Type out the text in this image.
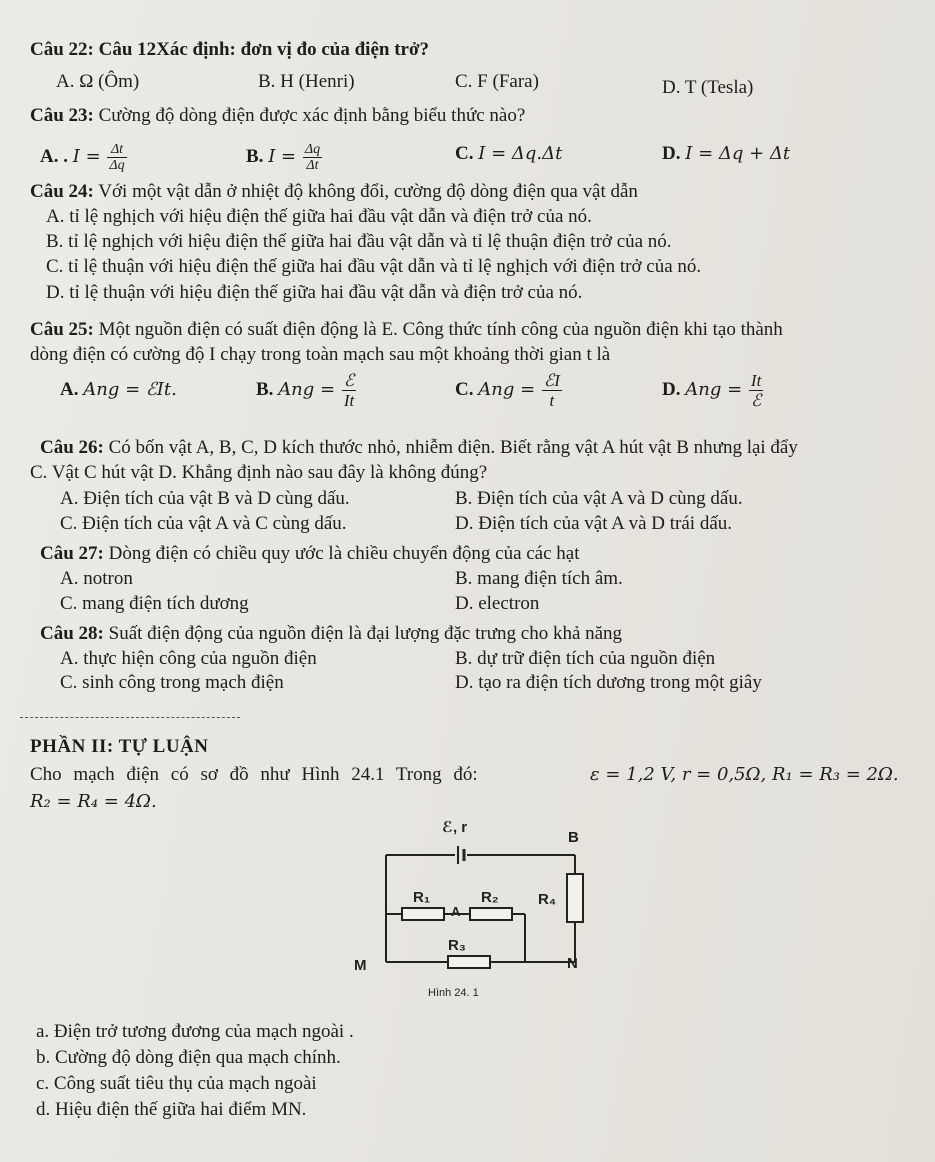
Câu 22: Câu 12Xác định: đơn vị đo của điện trở?
A. Ω (Ôm)	B. H (Henri)	C. F (Fara)	D. T (Tesla)
Câu 23: Cường độ dòng điện được xác định bằng biểu thức nào?
A. . $I = \frac{\Delta t}{\Delta q}$	B. $I = \frac{\Delta q}{\Delta t}$	C. I = Δq.Δt	D. I = Δq + Δt
Câu 24: Với một vật dẫn ở nhiệt độ không đổi, cường độ dòng điện qua vật dẫn
A. tỉ lệ nghịch với hiệu điện thế giữa hai đầu vật dẫn và điện trở của nó.
B. tỉ lệ nghịch với hiệu điện thế giữa hai đầu vật dẫn và tỉ lệ thuận điện trở của nó.
C. tỉ lệ thuận với hiệu điện thế giữa hai đầu vật dẫn và tỉ lệ nghịch với điện trở của nó.
D. tỉ lệ thuận với hiệu điện thế giữa hai đầu vật dẫn và điện trở của nó.
Câu 25: Một nguồn điện có suất điện động là E. Công thức tính công của nguồn điện khi tạo thành
dòng điện có cường độ I chạy trong toàn mạch sau một khoảng thời gian t là
A. Ang = ℰIt.	B. Ang = $\frac{\text{ℰ}}{It}$	C. Ang = $\frac{\text{ℰI}}{t}$	D. Ang = $\frac{It}{\text{ℰ}}$
Câu 26: Có bốn vật A, B, C, D kích thước nhỏ, nhiễm điện. Biết rằng vật A hút vật B nhưng lại đẩy
C. Vật C hút vật D. Khẳng định nào sau đây là không đúng?
A. Điện tích của vật B và D cùng dấu.	B. Điện tích của vật A và D cùng dấu.
C. Điện tích của vật A và C cùng dấu.	D. Điện tích của vật A và D trái dấu.
Câu 27: Dòng điện có chiều quy ước là chiều chuyển động của các hạt
A. notron	B. mang điện tích âm.
C. mang điện tích dương	D. electron
Câu 28: Suất điện động của nguồn điện là đại lượng đặc trưng cho khả năng
A. thực hiện công của nguồn điện	B. dự trữ điện tích của nguồn điện
C. sinh công trong mạch điện	D. tạo ra điện tích dương trong một giây
PHẦN II: TỰ LUẬN
Cho mạch điện có sơ đồ như Hình 24.1 Trong đó:	ε = 1,2 V, r = 0,5Ω, R₁ = R₃ = 2Ω.
R₂ = R₄ = 4Ω.
ℰ, r
B
R₁
A
R₂	R₄
R₃
M	N
Hình 24. 1
a. Điện trở tương đương của mạch ngoài .
b. Cường độ dòng điện qua mạch chính.
c. Công suất tiêu thụ của mạch ngoài
d. Hiệu điện thế giữa hai điểm MN.
